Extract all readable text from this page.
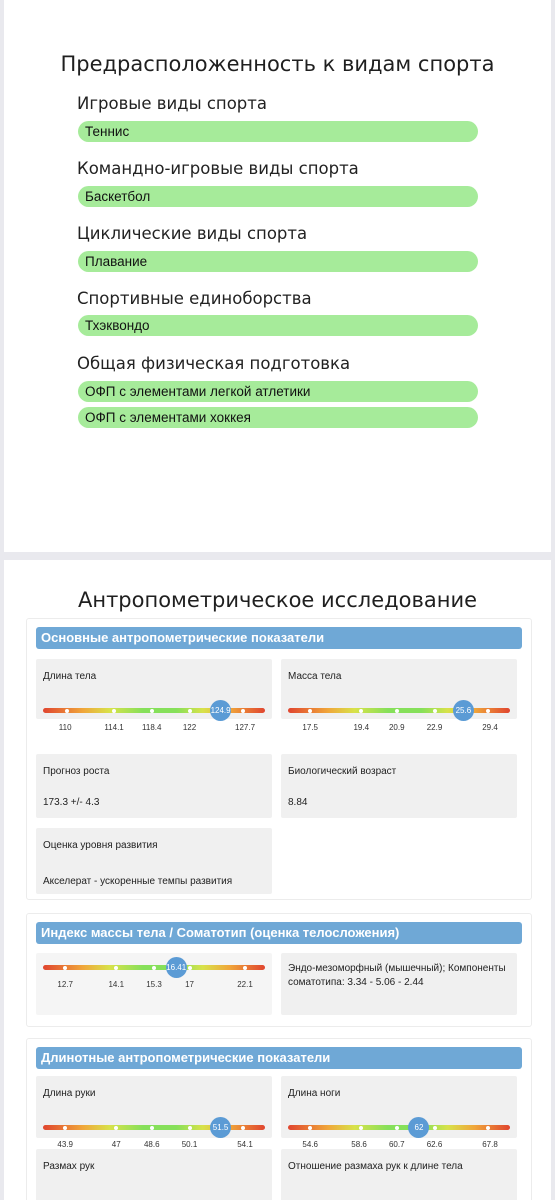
Предрасположенность к видам спорта
Игровые виды спорта
Теннис
Командно-игровые виды спорта
Баскетбол
Циклические виды спорта
Плавание
Спортивные единоборства
Тхэквондо
Общая физическая подготовка
ОФП с элементами легкой атлетики
ОФП с элементами хоккея
Антропометрическое исследование
Основные антропометрические показатели
Длина тела
124.9
110	114.1 118.4	122	127.7
Масса тела
25.6
17.5	19.4 20.9	22.9	29.4
Прогноз роста
173.3 +/- 4.3
Биологический возраст
8.84
Оценка уровня развития
Акселерат - ускоренные темпы развития
Индекс массы тела / Соматотип (оценка телосложения)
16.41
12.7	14.1	15.3	17	22.1
Эндо-мезоморфный (мышечный); Компоненты соматотипа: 3.34 - 5.06 - 2.44
Длинотные антропометрические показатели
Длина руки
51.5
43.9	47	48.6	50.1	54.1
Длина ноги
62
54.6	58.6	60.7	62.6	67.8
Размах рук	Отношение размаха рук к длине тела
